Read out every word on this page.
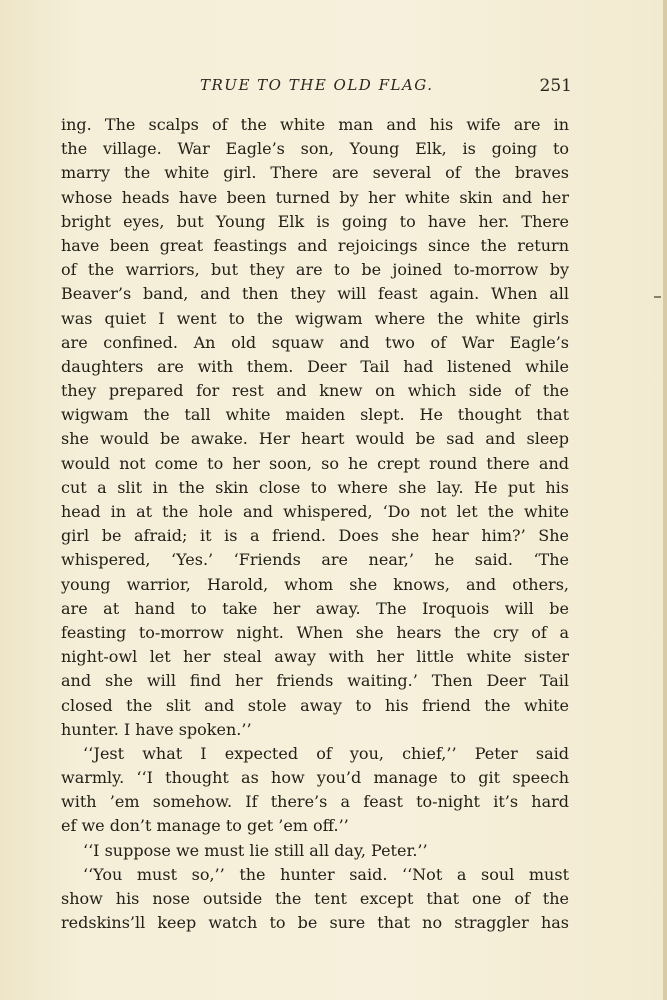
TRUE TO THE OLD FLAG.	251
ing. The scalps of the white man and his wife are in
the village. War Eagle’s son, Young Elk, is going to
marry the white girl. There are several of the braves
whose heads have been turned by her white skin and her
bright eyes, but Young Elk is going to have her. There
have been great feastings and rejoicings since the return
of the warriors, but they are to be joined to-morrow by
Beaver’s band, and then they will feast again. When all
was quiet I went to the wigwam where the white girls
are confined. An old squaw and two of War Eagle’s
daughters are with them. Deer Tail had listened while
they prepared for rest and knew on which side of the
wigwam the tall white maiden slept. He thought that
she would be awake. Her heart would be sad and sleep
would not come to her soon, so he crept round there and
cut a slit in the skin close to where she lay. He put his
head in at the hole and whispered, ‘Do not let the white
girl be afraid; it is a friend. Does she hear him?’ She
whispered, ‘Yes.’ ‘Friends are near,’ he said. ‘The
young warrior, Harold, whom she knows, and others,
are at hand to take her away. The Iroquois will be
feasting to-morrow night. When she hears the cry of a
night-owl let her steal away with her little white sister
and she will find her friends waiting.’ Then Deer Tail
closed the slit and stole away to his friend the white
hunter. I have spoken.’’
‘‘Jest what I expected of you, chief,’’ Peter said
warmly. ‘‘I thought as how you’d manage to git speech
with ’em somehow. If there’s a feast to-night it’s hard
ef we don’t manage to get ’em off.’’
‘‘I suppose we must lie still all day, Peter.’’
‘‘You must so,’’ the hunter said. ‘‘Not a soul must
show his nose outside the tent except that one of the
redskins’ll keep watch to be sure that no straggler has
